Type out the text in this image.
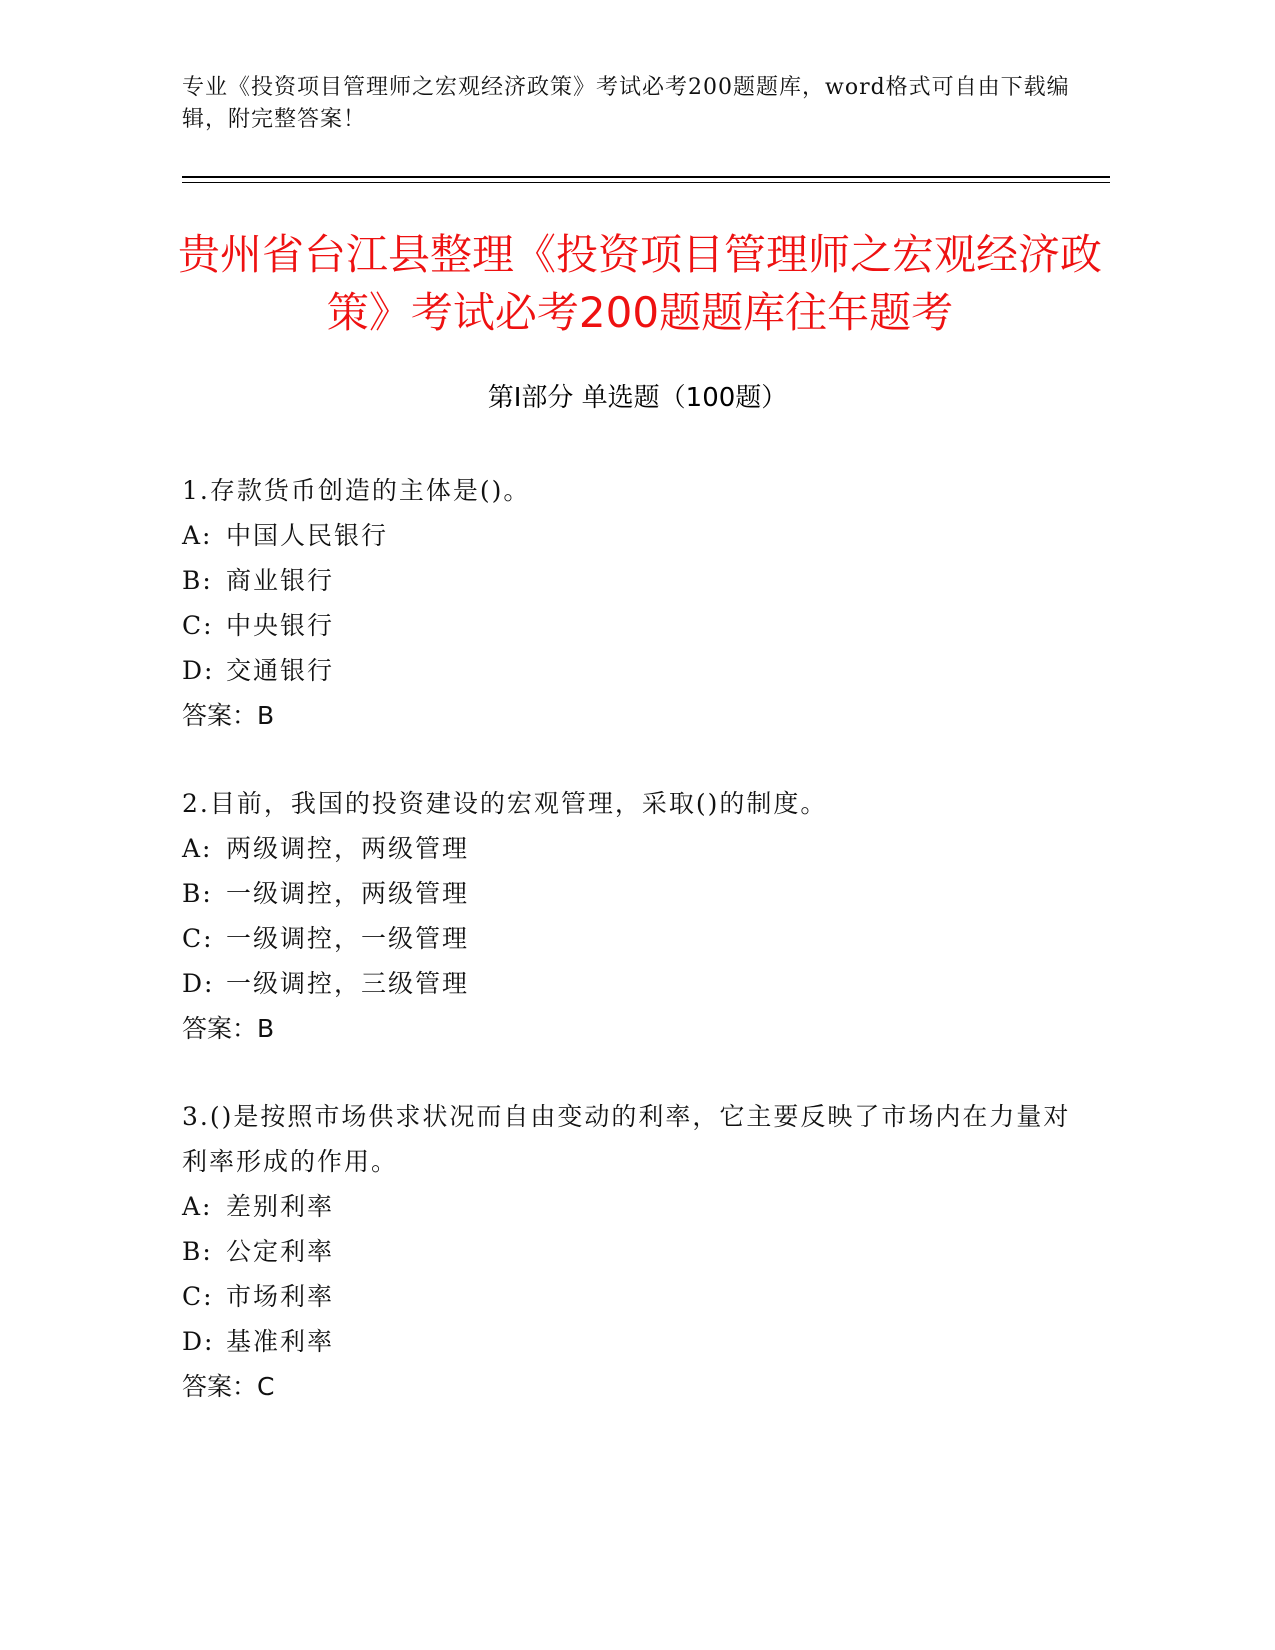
专业《投资项目管理师之宏观经济政策》考试必考200题题库，word格式可自由下载编辑，附完整答案！
贵州省台江县整理《投资项目管理师之宏观经济政策》考试必考200题题库往年题考
第Ⅰ部分 单选题（100题）
1.存款货币创造的主体是()。
A: 中国人民银行
B: 商业银行
C: 中央银行
D: 交通银行
答案：B
2.目前，我国的投资建设的宏观管理，采取()的制度。
A: 两级调控，两级管理
B: 一级调控，两级管理
C: 一级调控，一级管理
D: 一级调控，三级管理
答案：B
3.()是按照市场供求状况而自由变动的利率，它主要反映了市场内在力量对利率形成的作用。
A: 差别利率
B: 公定利率
C: 市场利率
D: 基准利率
答案：C
